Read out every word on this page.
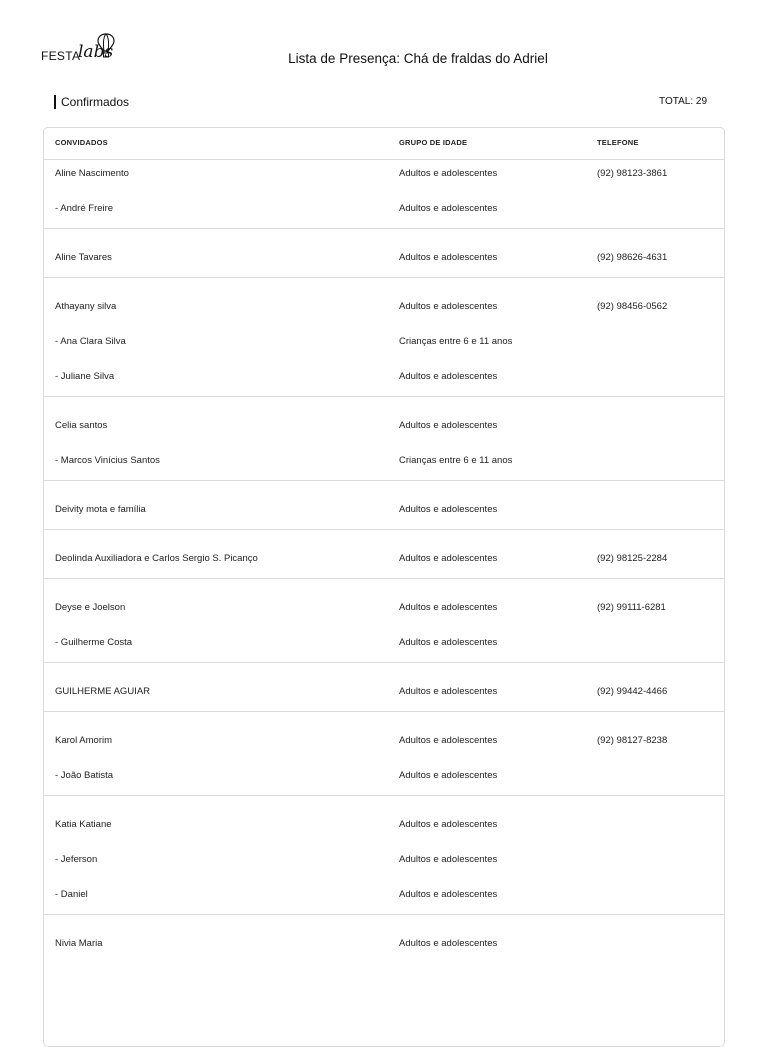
FESTA
labs	Lista de Presença: Chá de fraldas do Adriel
Confirmados	TOTAL: 29
CONVIDADOS	GRUPO DE IDADE	TELEFONE
Aline Nascimento	Adultos e adolescentes	(92) 98123-3861
- André Freire	Adultos e adolescentes
Aline Tavares	Adultos e adolescentes	(92) 98626-4631
Athayany silva	Adultos e adolescentes	(92) 98456-0562
- Ana Clara Silva	Crianças entre 6 e 11 anos
- Juliane Silva	Adultos e adolescentes
Celia santos	Adultos e adolescentes
- Marcos Vinícius Santos	Crianças entre 6 e 11 anos
Deivity mota e família	Adultos e adolescentes
Deolinda Auxiliadora e Carlos Sergio S. Picanço	Adultos e adolescentes	(92) 98125-2284
Deyse e Joelson	Adultos e adolescentes	(92) 99111-6281
- Guilherme Costa	Adultos e adolescentes
GUILHERME AGUIAR	Adultos e adolescentes	(92) 99442-4466
Karol Amorim	Adultos e adolescentes	(92) 98127-8238
- João Batista	Adultos e adolescentes
Katia Katiane	Adultos e adolescentes
- Jeferson	Adultos e adolescentes
- Daniel	Adultos e adolescentes
Nivia Maria	Adultos e adolescentes
